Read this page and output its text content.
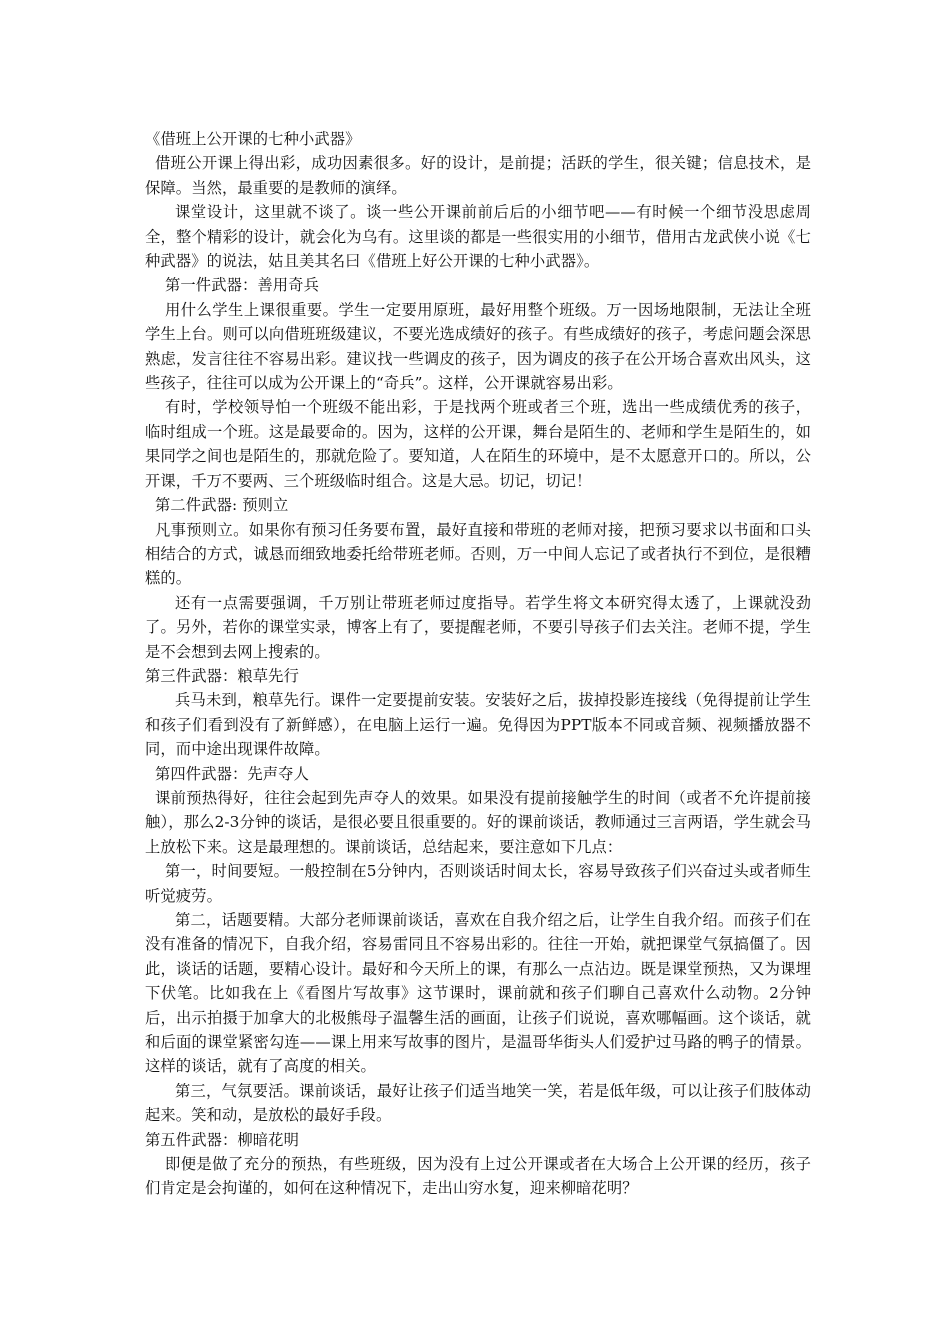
《借班上公开课的七种小武器》

借班公开课上得出彩，成功因素很多。好的设计，是前提；活跃的学生，很关键；信息技术，是保障。当然，最重要的是教师的演绎。

课堂设计，这里就不谈了。谈一些公开课前前后后的小细节吧——有时候一个细节没思虑周全，整个精彩的设计，就会化为乌有。这里谈的都是一些很实用的小细节，借用古龙武侠小说《七种武器》的说法，姑且美其名曰《借班上好公开课的七种小武器》。

第一件武器：善用奇兵

用什么学生上课很重要。学生一定要用原班，最好用整个班级。万一因场地限制，无法让全班学生上台。则可以向借班班级建议，不要光选成绩好的孩子。有些成绩好的孩子，考虑问题会深思熟虑，发言往往不容易出彩。建议找一些调皮的孩子，因为调皮的孩子在公开场合喜欢出风头，这些孩子，往往可以成为公开课上的“奇兵”。这样，公开课就容易出彩。

有时，学校领导怕一个班级不能出彩，于是找两个班或者三个班，选出一些成绩优秀的孩子，临时组成一个班。这是最要命的。因为，这样的公开课，舞台是陌生的、老师和学生是陌生的，如果同学之间也是陌生的，那就危险了。要知道，人在陌生的环境中，是不太愿意开口的。所以，公开课，千万不要两、三个班级临时组合。这是大忌。切记，切记！

第二件武器: 预则立

凡事预则立。如果你有预习任务要布置，最好直接和带班的老师对接，把预习要求以书面和口头相结合的方式，诚恳而细致地委托给带班老师。否则，万一中间人忘记了或者执行不到位，是很糟糕的。

还有一点需要强调，千万别让带班老师过度指导。若学生将文本研究得太透了，上课就没劲了。另外，若你的课堂实录，博客上有了，要提醒老师，不要引导孩子们去关注。老师不提，学生是不会想到去网上搜索的。

第三件武器：粮草先行

兵马未到，粮草先行。课件一定要提前安装。安装好之后，拔掉投影连接线（免得提前让学生和孩子们看到没有了新鲜感），在电脑上运行一遍。免得因为PPT版本不同或音频、视频播放器不同，而中途出现课件故障。

第四件武器：先声夺人

课前预热得好，往往会起到先声夺人的效果。如果没有提前接触学生的时间（或者不允许提前接触），那么2-3分钟的谈话，是很必要且很重要的。好的课前谈话，教师通过三言两语，学生就会马上放松下来。这是最理想的。课前谈话，总结起来，要注意如下几点：

第一，时间要短。一般控制在5分钟内，否则谈话时间太长，容易导致孩子们兴奋过头或者师生听觉疲劳。

第二，话题要精。大部分老师课前谈话，喜欢在自我介绍之后，让学生自我介绍。而孩子们在没有准备的情况下，自我介绍，容易雷同且不容易出彩的。往往一开始，就把课堂气氛搞僵了。因此，谈话的话题，要精心设计。最好和今天所上的课，有那么一点沾边。既是课堂预热，又为课埋下伏笔。比如我在上《看图片写故事》这节课时，课前就和孩子们聊自己喜欢什么动物。2分钟后，出示拍摄于加拿大的北极熊母子温馨生活的画面，让孩子们说说，喜欢哪幅画。这个谈话，就和后面的课堂紧密勾连——课上用来写故事的图片，是温哥华街头人们爱护过马路的鸭子的情景。这样的谈话，就有了高度的相关。

第三，气氛要活。课前谈话，最好让孩子们适当地笑一笑，若是低年级，可以让孩子们肢体动起来。笑和动，是放松的最好手段。

第五件武器：柳暗花明

即便是做了充分的预热，有些班级，因为没有上过公开课或者在大场合上公开课的经历，孩子们肯定是会拘谨的，如何在这种情况下，走出山穷水复，迎来柳暗花明？
